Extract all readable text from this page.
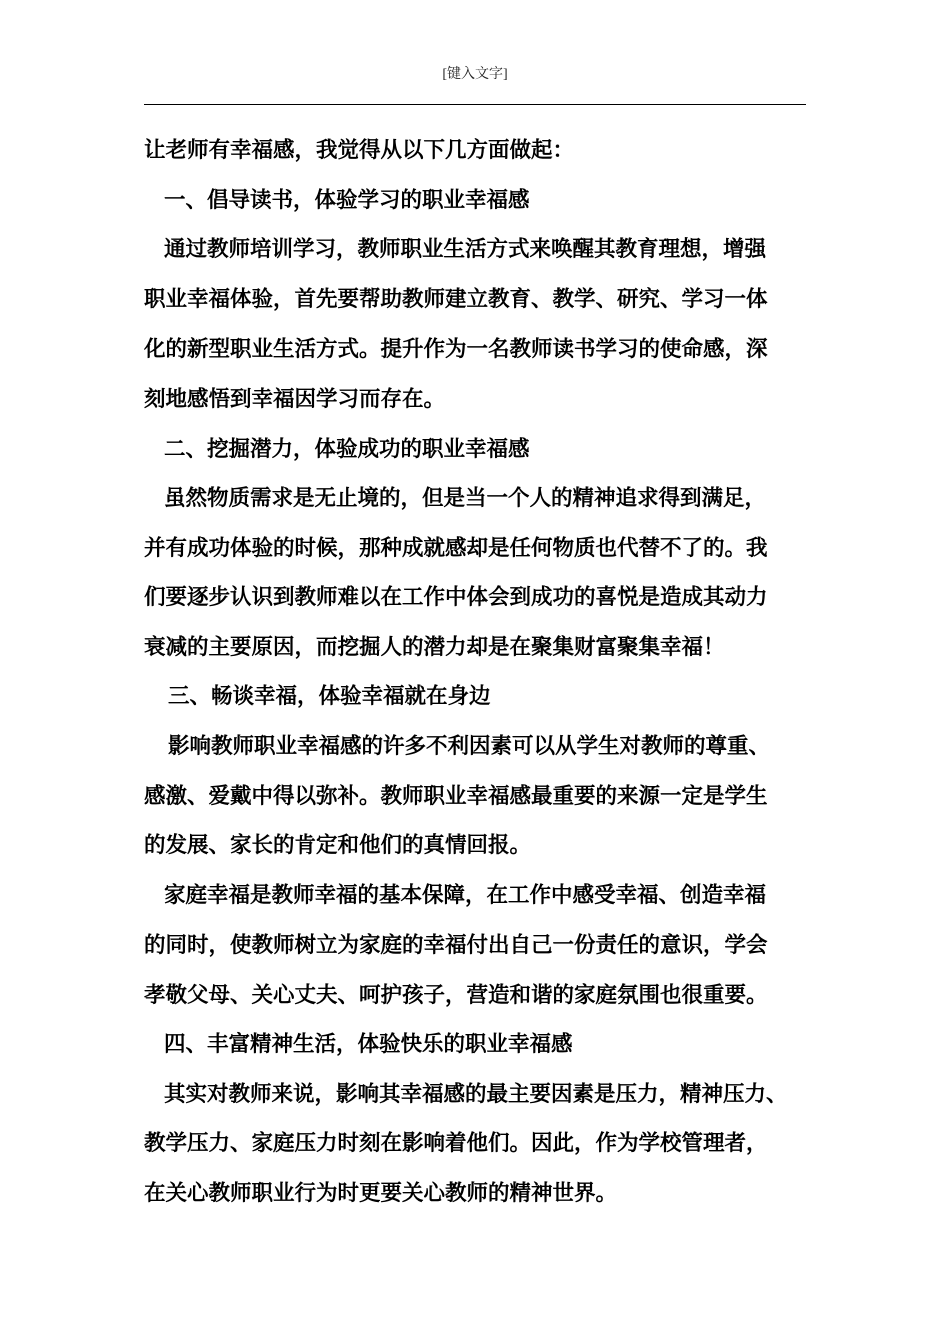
[键入文字]
让老师有幸福感，我觉得从以下几方面做起：
一、倡导读书，体验学习的职业幸福感
通过教师培训学习，教师职业生活方式来唤醒其教育理想，增强
职业幸福体验，首先要帮助教师建立教育、教学、研究、学习一体
化的新型职业生活方式。提升作为一名教师读书学习的使命感，深
刻地感悟到幸福因学习而存在。
二、挖掘潜力，体验成功的职业幸福感
虽然物质需求是无止境的，但是当一个人的精神追求得到满足，
并有成功体验的时候，那种成就感却是任何物质也代替不了的。我
们要逐步认识到教师难以在工作中体会到成功的喜悦是造成其动力
衰减的主要原因，而挖掘人的潜力却是在聚集财富聚集幸福！
三、畅谈幸福，体验幸福就在身边
影响教师职业幸福感的许多不利因素可以从学生对教师的尊重、
感激、爱戴中得以弥补。教师职业幸福感最重要的来源一定是学生
的发展、家长的肯定和他们的真情回报。
家庭幸福是教师幸福的基本保障，在工作中感受幸福、创造幸福
的同时，使教师树立为家庭的幸福付出自己一份责任的意识，学会
孝敬父母、关心丈夫、呵护孩子，营造和谐的家庭氛围也很重要。
四、丰富精神生活，体验快乐的职业幸福感
其实对教师来说，影响其幸福感的最主要因素是压力，精神压力、
教学压力、家庭压力时刻在影响着他们。因此，作为学校管理者，
在关心教师职业行为时更要关心教师的精神世界。
